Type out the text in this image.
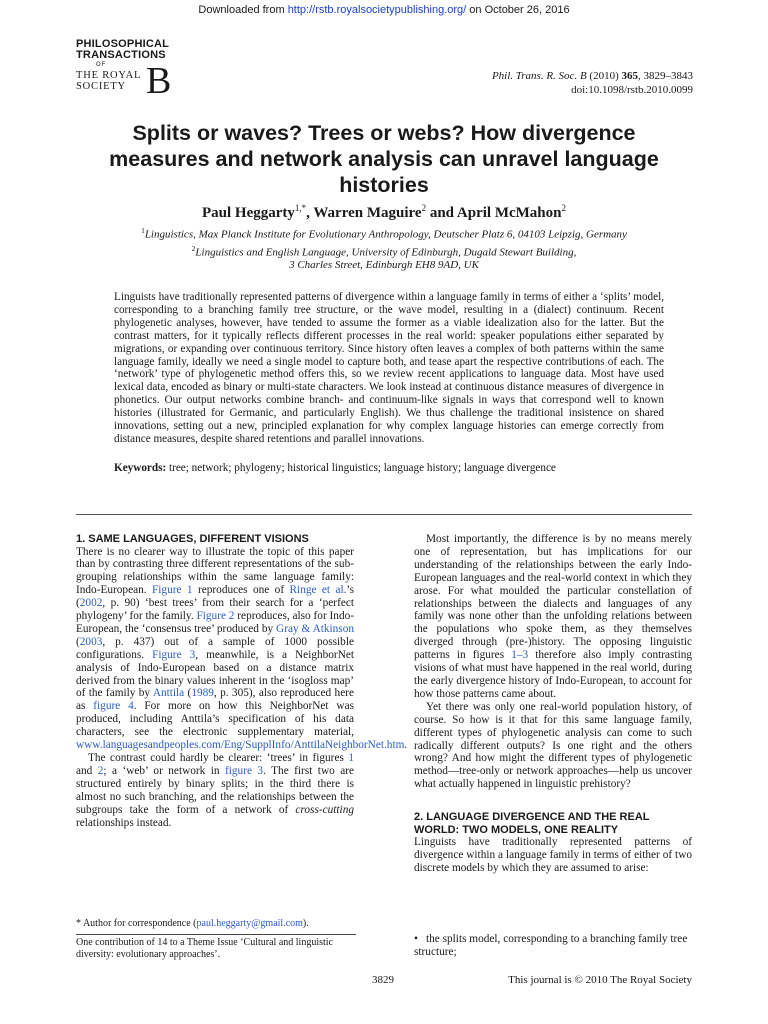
Downloaded from http://rstb.royalsocietypublishing.org/ on October 26, 2016
PHILOSOPHICAL
TRANSACTIONS
OF
THE ROYAL
SOCIETY B	Phil. Trans. R. Soc. B (2010) 365, 3829–3843
doi:10.1098/rstb.2010.0099
Splits or waves? Trees or webs? How divergence measures and network analysis can unravel language histories
Paul Heggarty$^{1,*}$, Warren Maguire$^2$ and April McMahon$^2$
$^1$Linguistics, Max Planck Institute for Evolutionary Anthropology, Deutscher Platz 6, 04103 Leipzig, Germany
$^2$Linguistics and English Language, University of Edinburgh, Dugald Stewart Building,
3 Charles Street, Edinburgh EH8 9AD, UK
Linguists have traditionally represented patterns of divergence within a language family in terms of either a ‘splits’ model, corresponding to a branching family tree structure, or the wave model, resulting in a (dialect) continuum. Recent phylogenetic analyses, however, have tended to assume the former as a viable idealization also for the latter. But the contrast matters, for it typically reflects different processes in the real world: speaker populations either separated by migrations, or expanding over continuous territory. Since history often leaves a complex of both patterns within the same language family, ideally we need a single model to capture both, and tease apart the respective contributions of each. The ‘network’ type of phylogenetic method offers this, so we review recent applications to language data. Most have used lexical data, encoded as binary or multi-state characters. We look instead at continuous distance measures of divergence in phonetics. Our output networks combine branch- and continuum-like signals in ways that correspond well to known histories (illustrated for Germanic, and particularly English). We thus challenge the traditional insistence on shared innovations, setting out a new, principled explanation for why complex language histories can emerge correctly from distance measures, despite shared retentions and parallel innovations.
Keywords: tree; network; phylogeny; historical linguistics; language history; language divergence
1. SAME LANGUAGES, DIFFERENT VISIONS

There is no clearer way to illustrate the topic of this paper than by contrasting three different representations of the sub-grouping relationships within the same language family: Indo-European. Figure 1 reproduces one of Ringe et al.’s (2002, p. 90) ‘best trees’ from their search for a ‘perfect phylogeny’ for the family. Figure 2 reproduces, also for Indo-European, the ‘consensus tree’ produced by Gray & Atkinson (2003, p. 437) out of a sample of 1000 possible configurations. Figure 3, meanwhile, is a NeighborNet analysis of Indo-European based on a distance matrix derived from the binary values inherent in the ‘isogloss map’ of the family by Anttila (1989, p. 305), also reproduced here as figure 4. For more on how this NeighborNet was produced, including Anttila’s specification of his data characters, see the electronic supplementary material, www.languagesandpeoples.com/Eng/SupplInfo/AnttilaNeighborNet.htm.

The contrast could hardly be clearer: ‘trees’ in figures 1 and 2; a ‘web’ or network in figure 3. The first two are structured entirely by binary splits; in the third there is almost no such branching, and the relationships between the subgroups take the form of a network of cross-cutting relationships instead.

Most importantly, the difference is by no means merely one of representation, but has implications for our understanding of the relationships between the early Indo-European languages and the real-world context in which they arose. For what moulded the particular constellation of relationships between the dialects and languages of any family was none other than the unfolding relations between the populations who spoke them, as they themselves diverged through (pre-)history. The opposing linguistic patterns in figures 1–3 therefore also imply contrasting visions of what must have happened in the real world, during the early divergence history of Indo-European, to account for how those patterns came about.

Yet there was only one real-world population history, of course. So how is it that for this same language family, different types of phylogenetic analysis can come to such radically different outputs? Is one right and the others wrong? And how might the different types of phylogenetic method—tree-only or network approaches—help us uncover what actually happened in linguistic prehistory?

2. LANGUAGE DIVERGENCE AND THE REAL WORLD: TWO MODELS, ONE REALITY

Linguists have traditionally represented patterns of divergence within a language family in terms of either of two discrete models by which they are assumed to arise:

• the splits model, corresponding to a branching family tree structure;
* Author for correspondence (paul.heggarty@gmail.com).
One contribution of 14 to a Theme Issue ‘Cultural and linguistic diversity: evolutionary approaches’.
3829	This journal is © 2010 The Royal Society
